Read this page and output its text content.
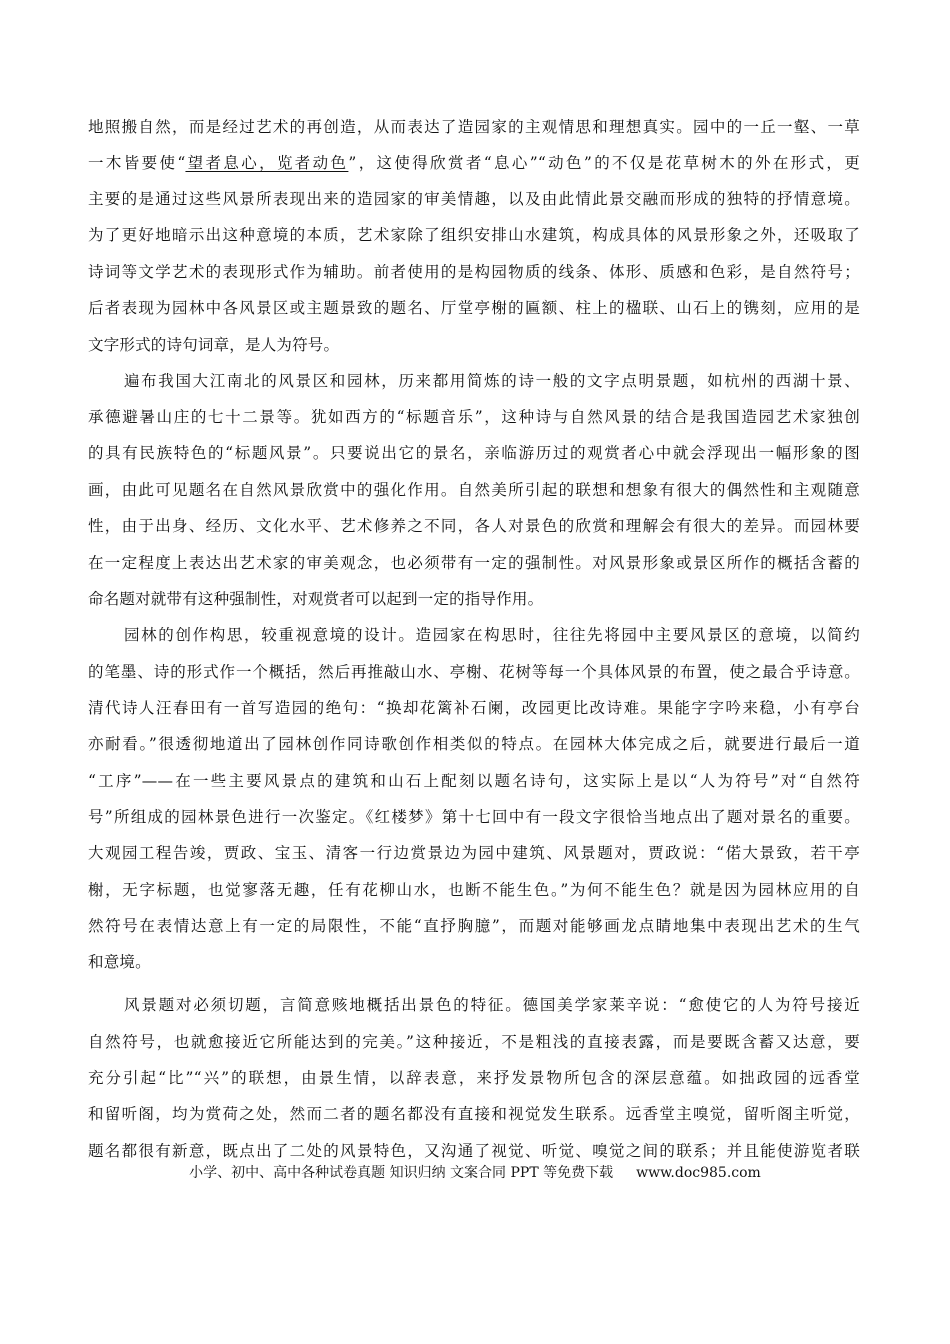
地照搬自然，而是经过艺术的再创造，从而表达了造园家的主观情思和理想真实。园中的一丘一壑、一草
一木皆要使“望者息心，览者动色”，这使得欣赏者“息心”“动色”的不仅是花草树木的外在形式，更
主要的是通过这些风景所表现出来的造园家的审美情趣，以及由此情此景交融而形成的独特的抒情意境。
为了更好地暗示出这种意境的本质，艺术家除了组织安排山水建筑，构成具体的风景形象之外，还吸取了
诗词等文学艺术的表现形式作为辅助。前者使用的是构园物质的线条、体形、质感和色彩，是自然符号；
后者表现为园林中各风景区或主题景致的题名、厅堂亭榭的匾额、柱上的楹联、山石上的镌刻，应用的是
文字形式的诗句词章，是人为符号。
遍布我国大江南北的风景区和园林，历来都用简炼的诗一般的文字点明景题，如杭州的西湖十景、
承德避暑山庄的七十二景等。犹如西方的“标题音乐”，这种诗与自然风景的结合是我国造园艺术家独创
的具有民族特色的“标题风景”。只要说出它的景名，亲临游历过的观赏者心中就会浮现出一幅形象的图
画，由此可见题名在自然风景欣赏中的强化作用。自然美所引起的联想和想象有很大的偶然性和主观随意
性，由于出身、经历、文化水平、艺术修养之不同，各人对景色的欣赏和理解会有很大的差异。而园林要
在一定程度上表达出艺术家的审美观念，也必须带有一定的强制性。对风景形象或景区所作的概括含蓄的
命名题对就带有这种强制性，对观赏者可以起到一定的指导作用。
园林的创作构思，较重视意境的设计。造园家在构思时，往往先将园中主要风景区的意境，以简约
的笔墨、诗的形式作一个概括，然后再推敲山水、亭榭、花树等每一个具体风景的布置，使之最合乎诗意。
清代诗人汪春田有一首写造园的绝句：“换却花篱补石阑，改园更比改诗难。果能字字吟来稳，小有亭台
亦耐看。”很透彻地道出了园林创作同诗歌创作相类似的特点。在园林大体完成之后，就要进行最后一道
“工序”——在一些主要风景点的建筑和山石上配刻以题名诗句，这实际上是以“人为符号”对“自然符
号”所组成的园林景色进行一次鉴定。《红楼梦》第十七回中有一段文字很恰当地点出了题对景名的重要。
大观园工程告竣，贾政、宝玉、清客一行边赏景边为园中建筑、风景题对，贾政说：“偌大景致，若干亭
榭，无字标题，也觉寥落无趣，任有花柳山水，也断不能生色。”为何不能生色？就是因为园林应用的自
然符号在表情达意上有一定的局限性，不能“直抒胸臆”，而题对能够画龙点睛地集中表现出艺术的生气
和意境。
风景题对必须切题，言简意赅地概括出景色的特征。德国美学家莱辛说：“愈使它的人为符号接近
自然符号，也就愈接近它所能达到的完美。”这种接近，不是粗浅的直接表露，而是要既含蓄又达意，要
充分引起“比”“兴”的联想，由景生情，以辞表意，来抒发景物所包含的深层意蕴。如拙政园的远香堂
和留听阁，均为赏荷之处，然而二者的题名都没有直接和视觉发生联系。远香堂主嗅觉，留听阁主听觉，
题名都很有新意，既点出了二处的风景特色，又沟通了视觉、听觉、嗅觉之间的联系；并且能使游览者联
小学、初中、高中各种试卷真题 知识归纳 文案合同 PPT 等免费下载 www.doc985.com
